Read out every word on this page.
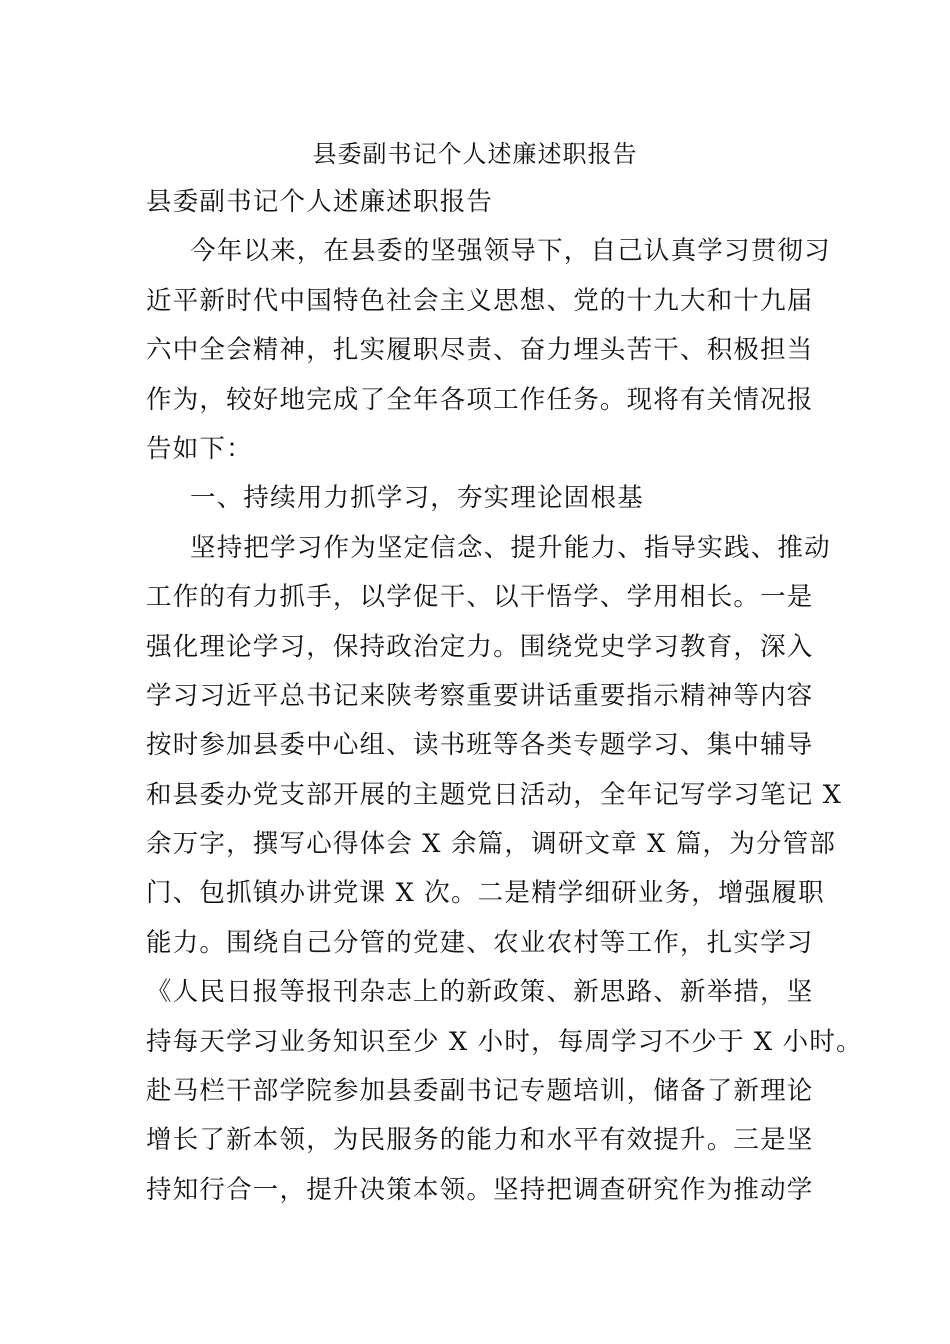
县委副书记个人述廉述职报告
县委副书记个人述廉述职报告
今年以来，在县委的坚强领导下，自己认真学习贯彻习
近平新时代中国特色社会主义思想、党的十九大和十九届
六中全会精神，扎实履职尽责、奋力埋头苦干、积极担当
作为，较好地完成了全年各项工作任务。现将有关情况报
告如下：
一、持续用力抓学习，夯实理论固根基
坚持把学习作为坚定信念、提升能力、指导实践、推动
工作的有力抓手，以学促干、以干悟学、学用相长。一是
强化理论学习，保持政治定力。围绕党史学习教育，深入
学习习近平总书记来陕考察重要讲话重要指示精神等内容
按时参加县委中心组、读书班等各类专题学习、集中辅导
和县委办党支部开展的主题党日活动，全年记写学习笔记 X
余万字，撰写心得体会 X 余篇，调研文章 X 篇，为分管部
门、包抓镇办讲党课 X 次。二是精学细研业务，增强履职
能力。围绕自己分管的党建、农业农村等工作，扎实学习
《人民日报等报刊杂志上的新政策、新思路、新举措，坚
持每天学习业务知识至少 X 小时，每周学习不少于 X 小时。
赴马栏干部学院参加县委副书记专题培训，储备了新理论
增长了新本领，为民服务的能力和水平有效提升。三是坚
持知行合一，提升决策本领。坚持把调查研究作为推动学
